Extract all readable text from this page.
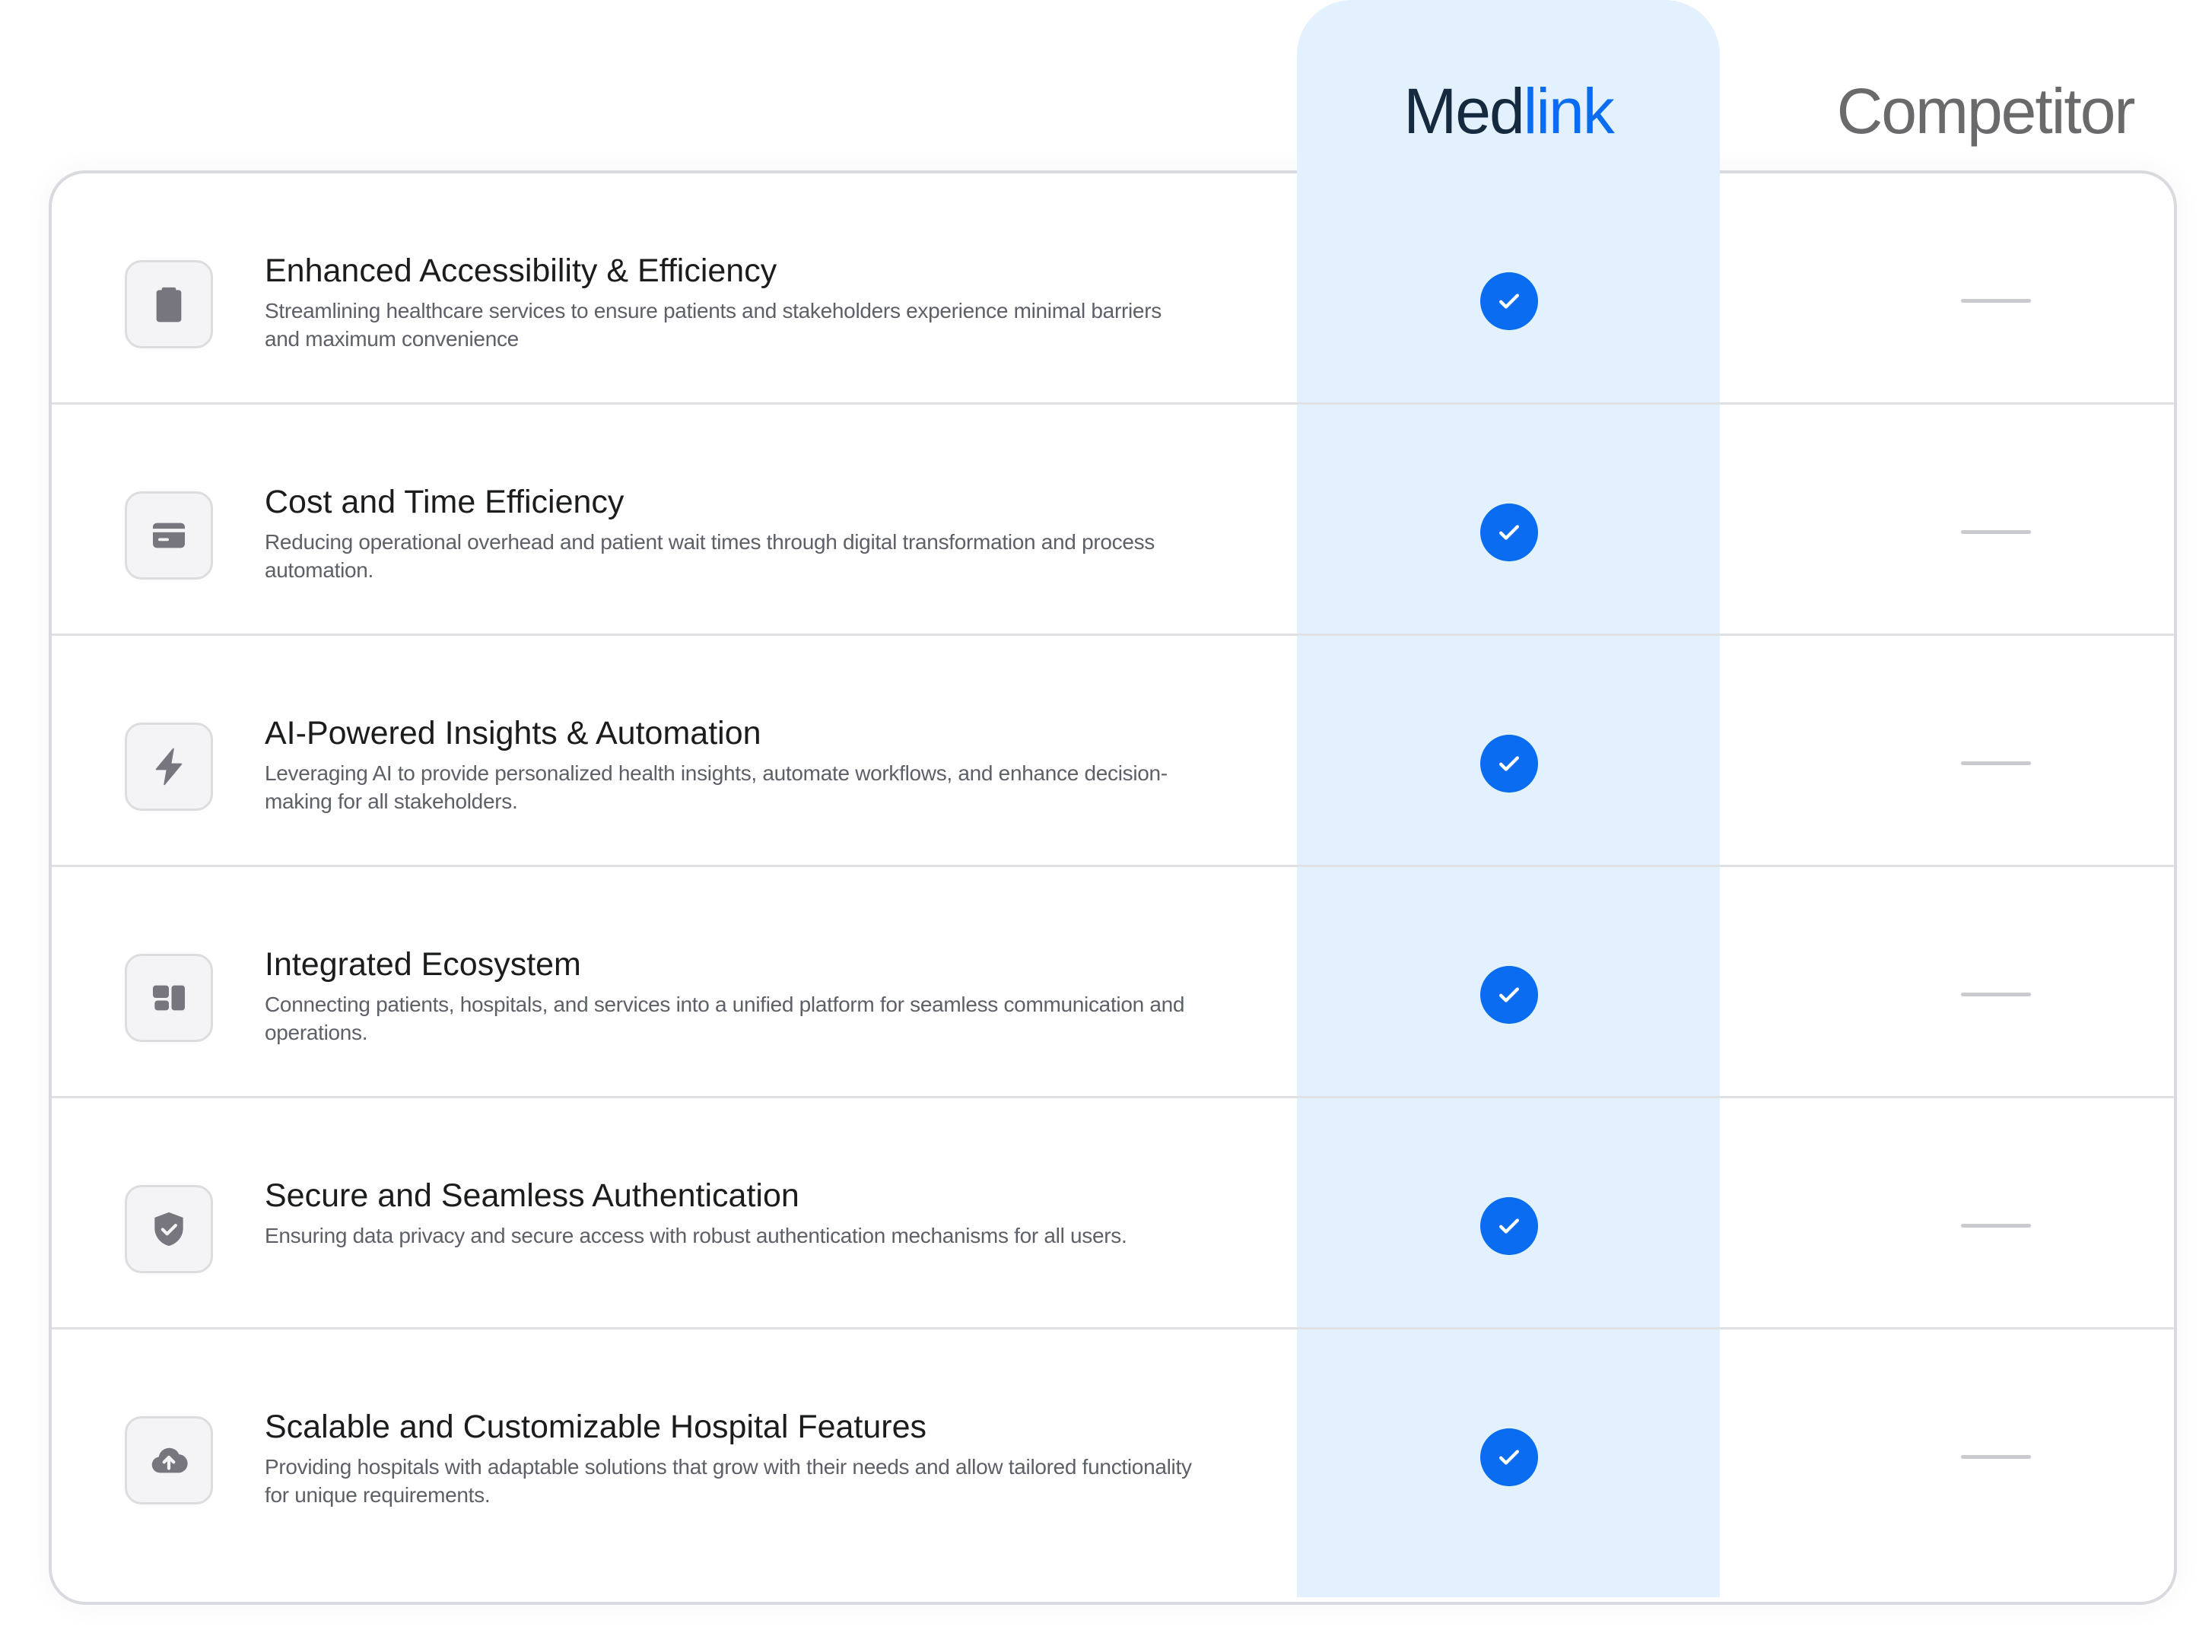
Medlink	Competitor
Enhanced Accessibility & Efficiency
Streamlining healthcare services to ensure patients and stakeholders experience minimal barriers and maximum convenience
Cost and Time Efficiency
Reducing operational overhead and patient wait times through digital transformation and process automation.
AI-Powered Insights & Automation
Leveraging AI to provide personalized health insights, automate workflows, and enhance decision-making for all stakeholders.
Integrated Ecosystem
Connecting patients, hospitals, and services into a unified platform for seamless communication and operations.
Secure and Seamless Authentication
Ensuring data privacy and secure access with robust authentication mechanisms for all users.
Scalable and Customizable Hospital Features
Providing hospitals with adaptable solutions that grow with their needs and allow tailored functionality for unique requirements.
